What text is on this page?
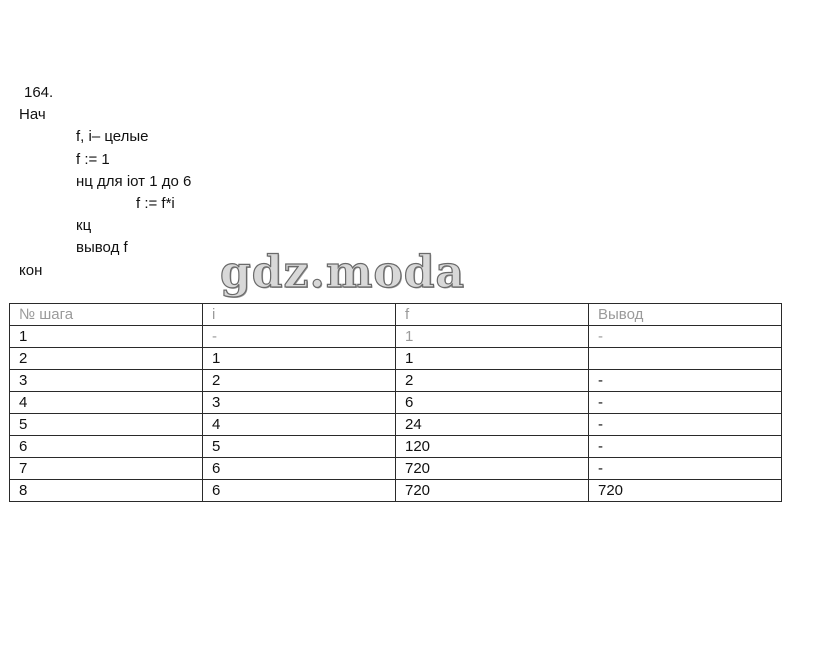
164.
Нач
f, i– целые
f := 1
нц для iот 1 до 6
f := f*i
кц
вывод f
кон	gdz.moda
№ шага	i	f	Вывод
1	-	1	-
2	1	1	
3	2	2	-
4	3	6	-
5	4	24	-
6	5	120	-
7	6	720	-
8	6	720	720
